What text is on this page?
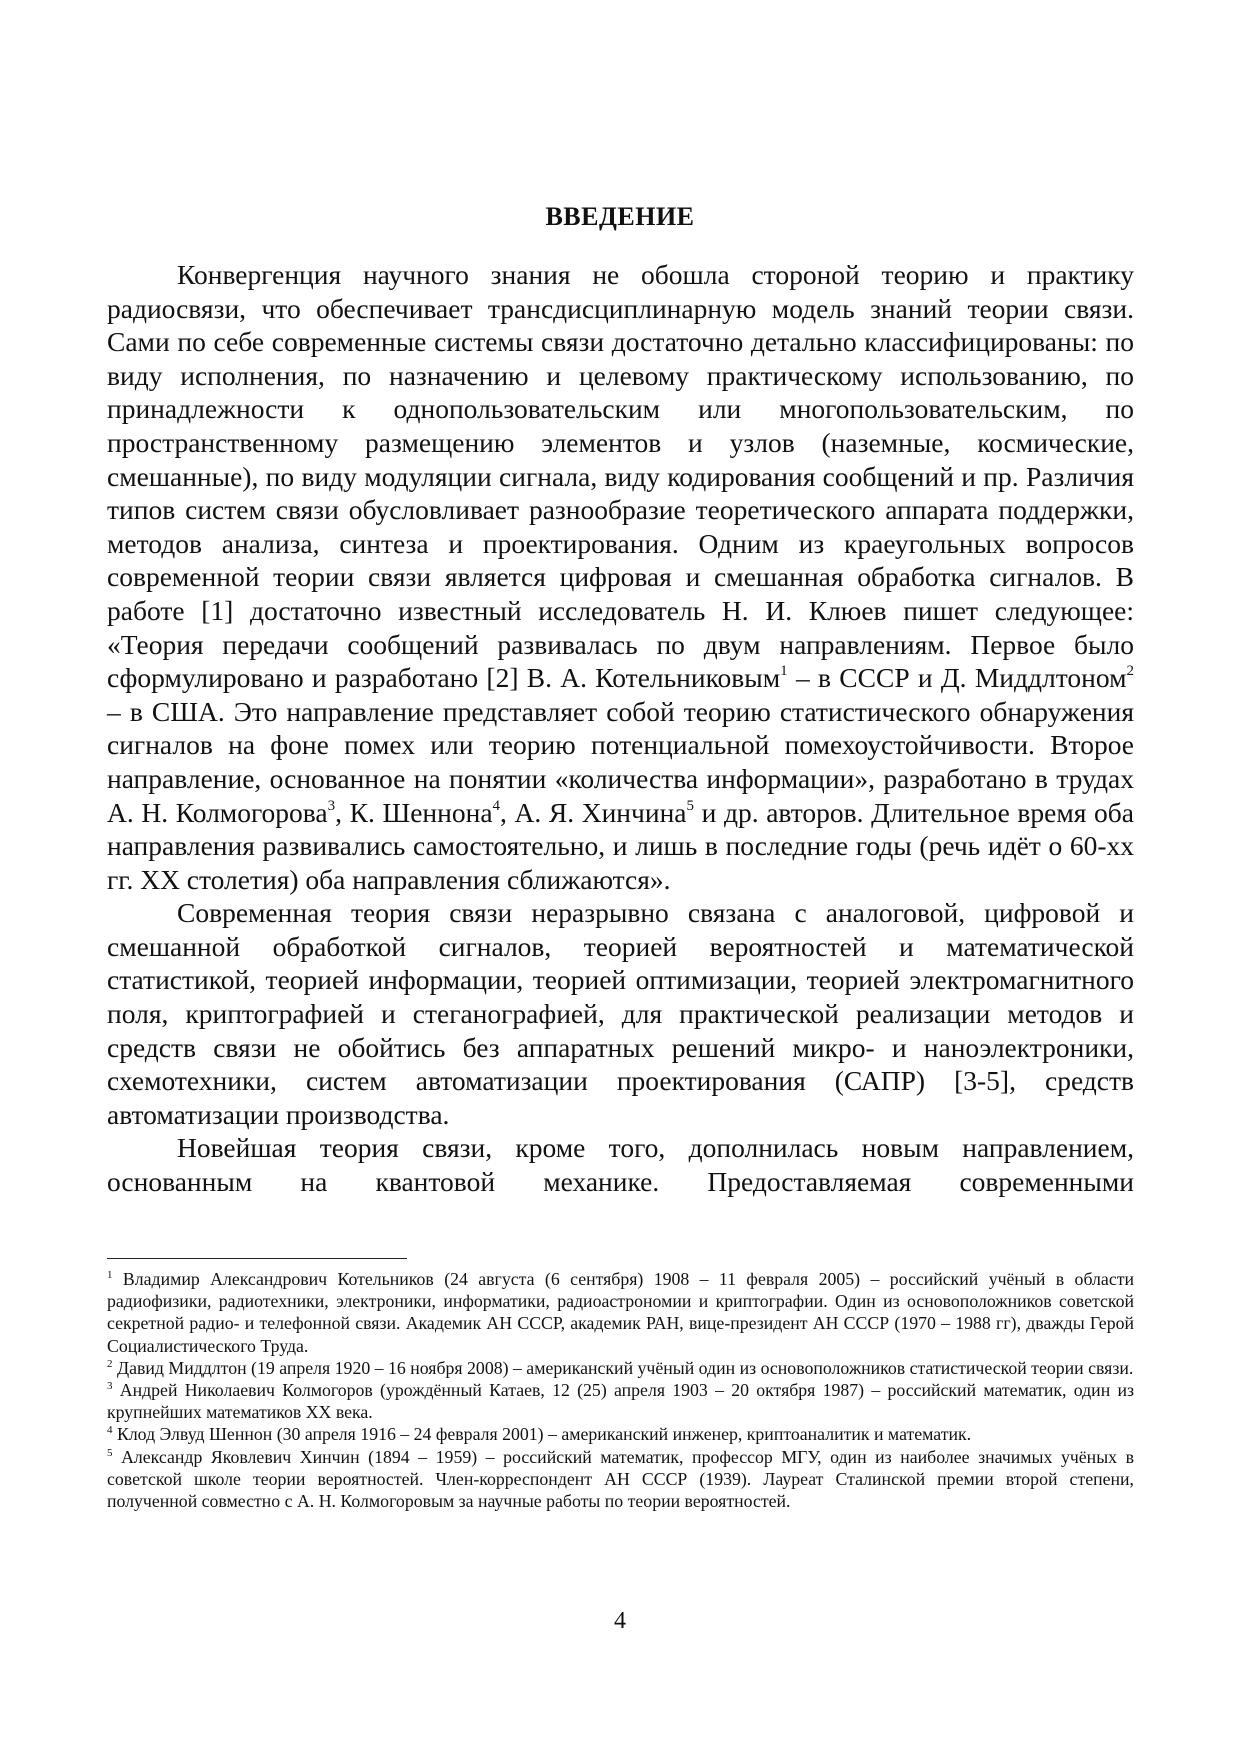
ВВЕДЕНИЕ

Конвергенция научного знания не обошла стороной теорию и практику радиосвязи, что обеспечивает трансдисциплинарную модель знаний теории связи. Сами по себе современные системы связи достаточно детально классифицированы: по виду исполнения, по назначению и целевому практическому использованию, по принадлежности к однопользовательским или многопользовательским, по пространственному размещению элементов и узлов (наземные, космические, смешанные), по виду модуляции сигнала, виду кодирования сообщений и пр. Различия типов систем связи обусловливает разнообразие теоретического аппарата поддержки, методов анализа, синтеза и проектирования. Одним из краеугольных вопросов современной теории связи является цифровая и смешанная обработка сигналов. В работе [1] достаточно известный исследователь Н. И. Клюев пишет следующее: «Теория передачи сообщений развивалась по двум направлениям. Первое было сформулировано и разработано [2] В. А. Котельниковым$^1$ – в СССР и Д. Миддлтоном$^2$ – в США. Это направление представляет собой теорию статистического обнаружения сигналов на фоне помех или теорию потенциальной помехоустойчивости. Второе направление, основанное на понятии «количества информации», разработано в трудах А. Н. Колмогорова$^3$, К. Шеннона$^4$, А. Я. Хинчина$^5$ и др. авторов. Длительное время оба направления развивались самостоятельно, и лишь в последние годы (речь идёт о 60-хх гг. XX столетия) оба направления сближаются».

Современная теория связи неразрывно связана с аналоговой, цифровой и смешанной обработкой сигналов, теорией вероятностей и математической статистикой, теорией информации, теорией оптимизации, теорией электромагнитного поля, криптографией и стеганографией, для практической реализации методов и средств связи не обойтись без аппаратных решений микро- и наноэлектроники, схемотехники, систем автоматизации проектирования (САПР) [3-5], средств автоматизации производства.

Новейшая теория связи, кроме того, дополнилась новым направлением, основанным на квантовой механике. Предоставляемая современными

$^1$ Владимир Александрович Котельников (24 августа (6 сентября) 1908 – 11 февраля 2005) – российский учёный в области радиофизики, радиотехники, электроники, информатики, радиоастрономии и криптографии. Один из основоположников советской секретной радио- и телефонной связи. Академик АН СССР, академик РАН, вице-президент АН СССР (1970 – 1988 гг), дважды Герой Социалистического Труда.

$^2$ Давид Миддлтон (19 апреля 1920 – 16 ноября 2008) – американский учёный один из основоположников статистической теории связи.

$^3$ Андрей Николаевич Колмогоров (урождённый Катаев, 12 (25) апреля 1903 – 20 октября 1987) – российский математик, один из крупнейших математиков XX века.

$^4$ Клод Элвуд Шеннон (30 апреля 1916 – 24 февраля 2001) – американский инженер, криптоаналитик и математик.

$^5$ Александр Яковлевич Хинчин (1894 – 1959) – российский математик, профессор МГУ, один из наиболее значимых учёных в советской школе теории вероятностей. Член-корреспондент АН СССР (1939). Лауреат Сталинской премии второй степени, полученной совместно с А. Н. Колмогоровым за научные работы по теории вероятностей.

4
